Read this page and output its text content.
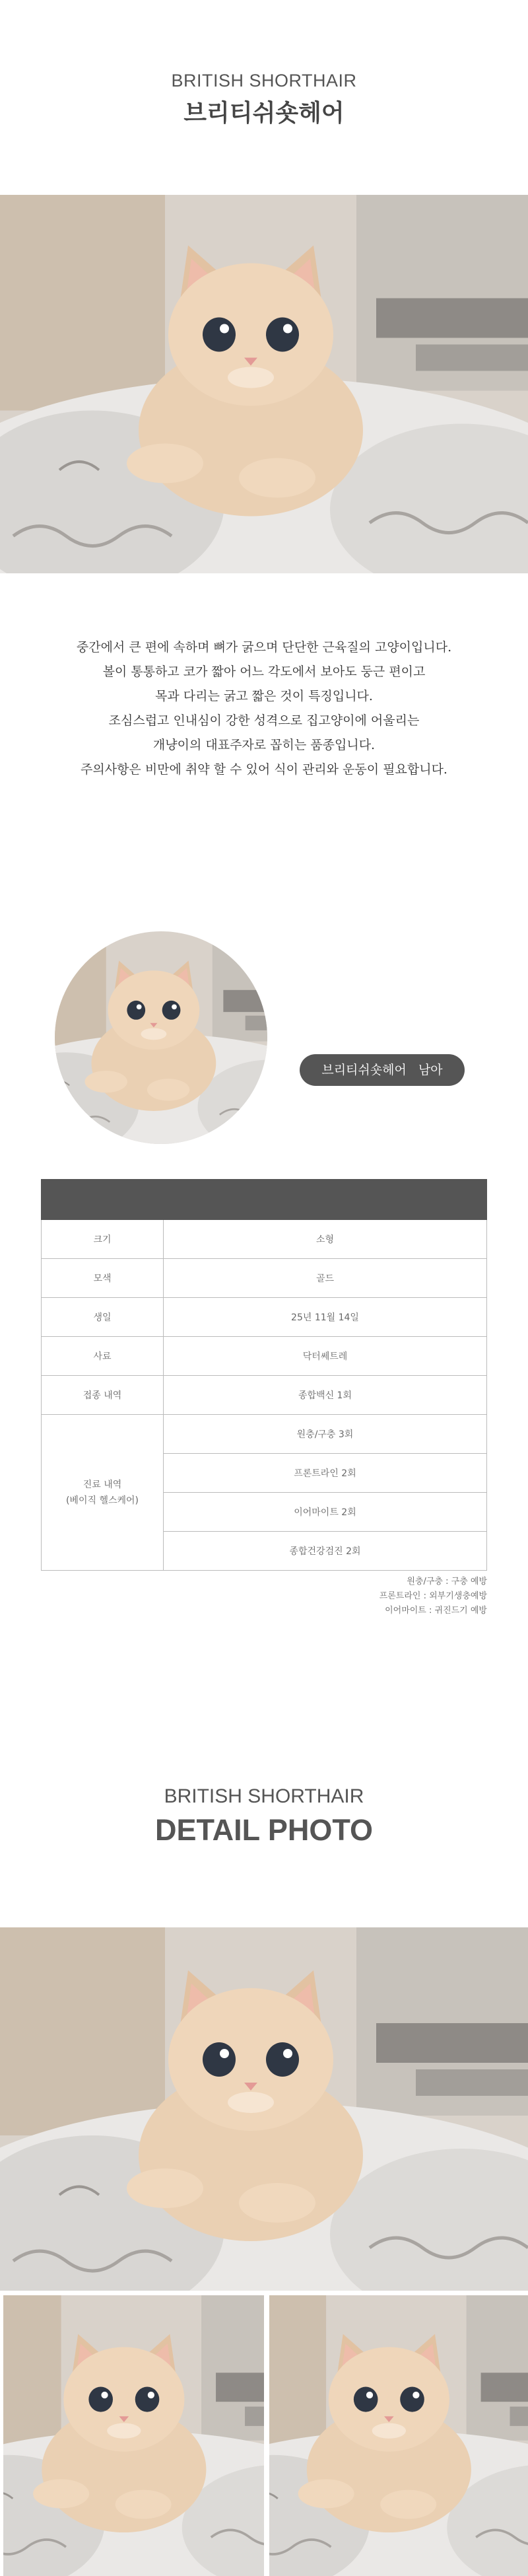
BRITISH SHORTHAIR
브리티쉬숏헤어
중간에서 큰 편에 속하며 뼈가 굵으며 단단한 근육질의 고양이입니다.
볼이 통통하고 코가 짧아 어느 각도에서 보아도 둥근 편이고
목과 다리는 굵고 짧은 것이 특징입니다.
조심스럽고 인내심이 강한 성격으로 집고양이에 어울리는
개냥이의 대표주자로 꼽히는 품종입니다.
주의사항은 비만에 취약 할 수 있어 식이 관리와 운동이 필요합니다.
브리티쉬숏헤어   남아

크기	소형
모색	골드
생일	25년 11월 14일
사료	닥터쎄트레
접종 내역	종합백신 1회

진료 내역
(베이직 헬스케어)	원충/구충 3회
	프론트라인 2회
	이어마이트 2회
	종합건강검진 2회
원충/구충 : 구충 예방
프론트라인 : 외부기생충예방
이어마이트 : 귀진드기 예방
BRITISH SHORTHAIR
DETAIL PHOTO
